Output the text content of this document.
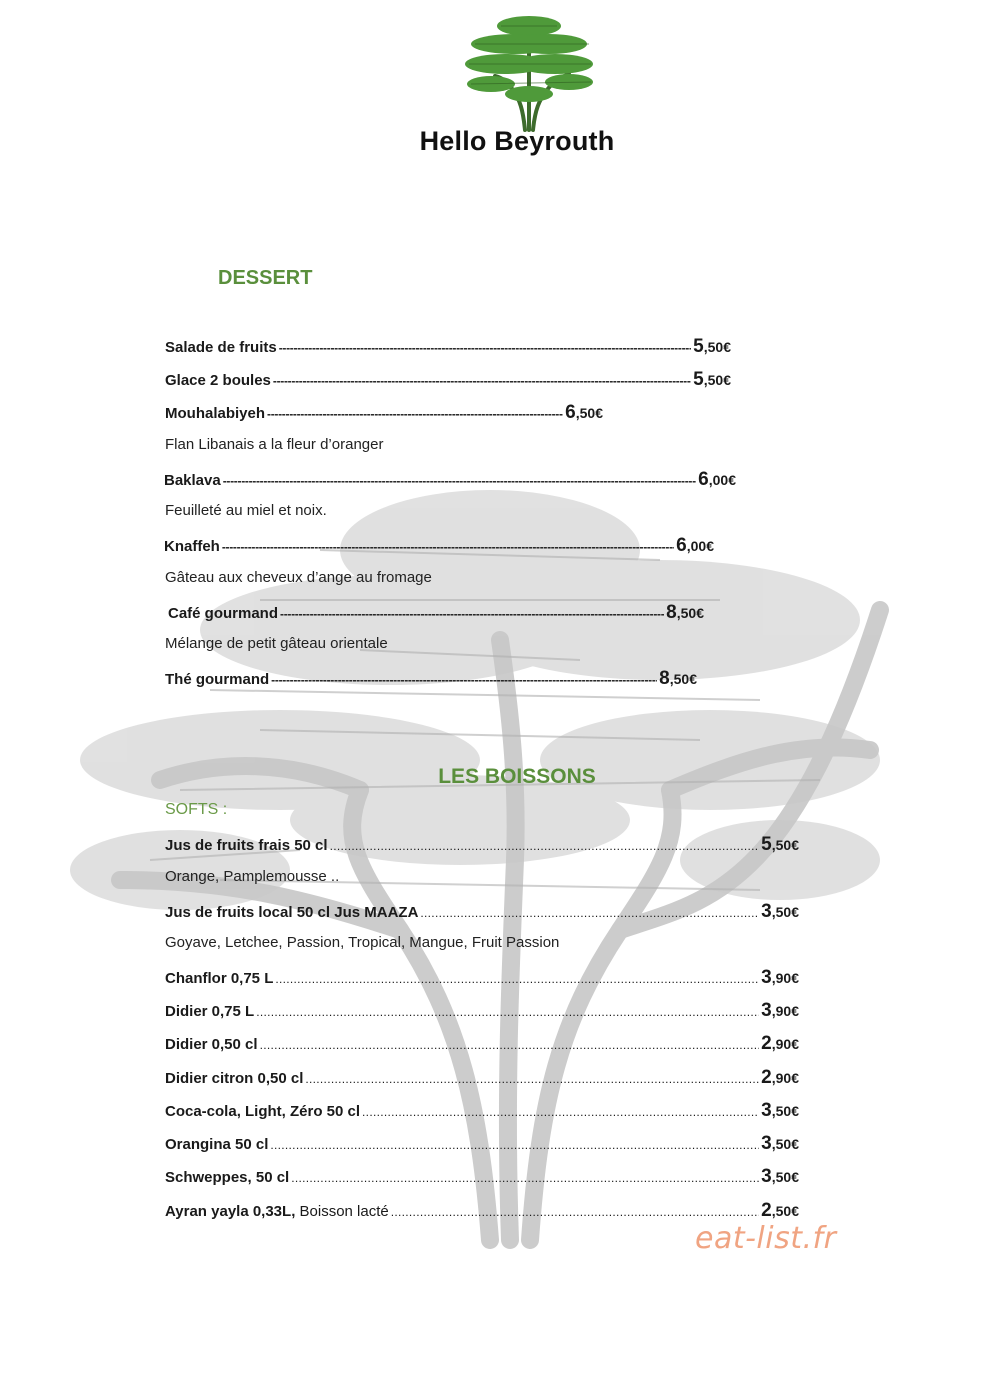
Hello Beyrouth
DESSERT
Salade de fruits -----	5,50€
Glace 2 boules -----	5,50€
Mouhalabiyeh -----	6,50€
Flan Libanais a la fleur d’oranger
Baklava -----	6,00€
Feuilleté au miel et noix.
Knaffeh -----	6,00€
Gâteau aux cheveux d’ange au fromage
Café gourmand -----	8,50€
Mélange de petit gâteau orientale
Thé gourmand -----	8,50€
LES BOISSONS
SOFTS :
Jus de fruits frais 50 cl .....	5,50€
Orange, Pamplemousse ..
Jus de fruits local 50 cl Jus MAAZA .....	3,50€
Goyave, Letchee, Passion, Tropical, Mangue, Fruit Passion
Chanflor 0,75 L .....	3,90€
Didier 0,75 L .....	3,90€
Didier 0,50 cl .....	2,90€
Didier citron 0,50 cl .....	2,90€
Coca-cola, Light, Zéro 50 cl .....	3,50€
Orangina 50 cl .....	3,50€
Schweppes, 50 cl .....	3,50€
Ayran yayla 0,33L, Boisson lacté .....	2,50€
eat-list.fr
